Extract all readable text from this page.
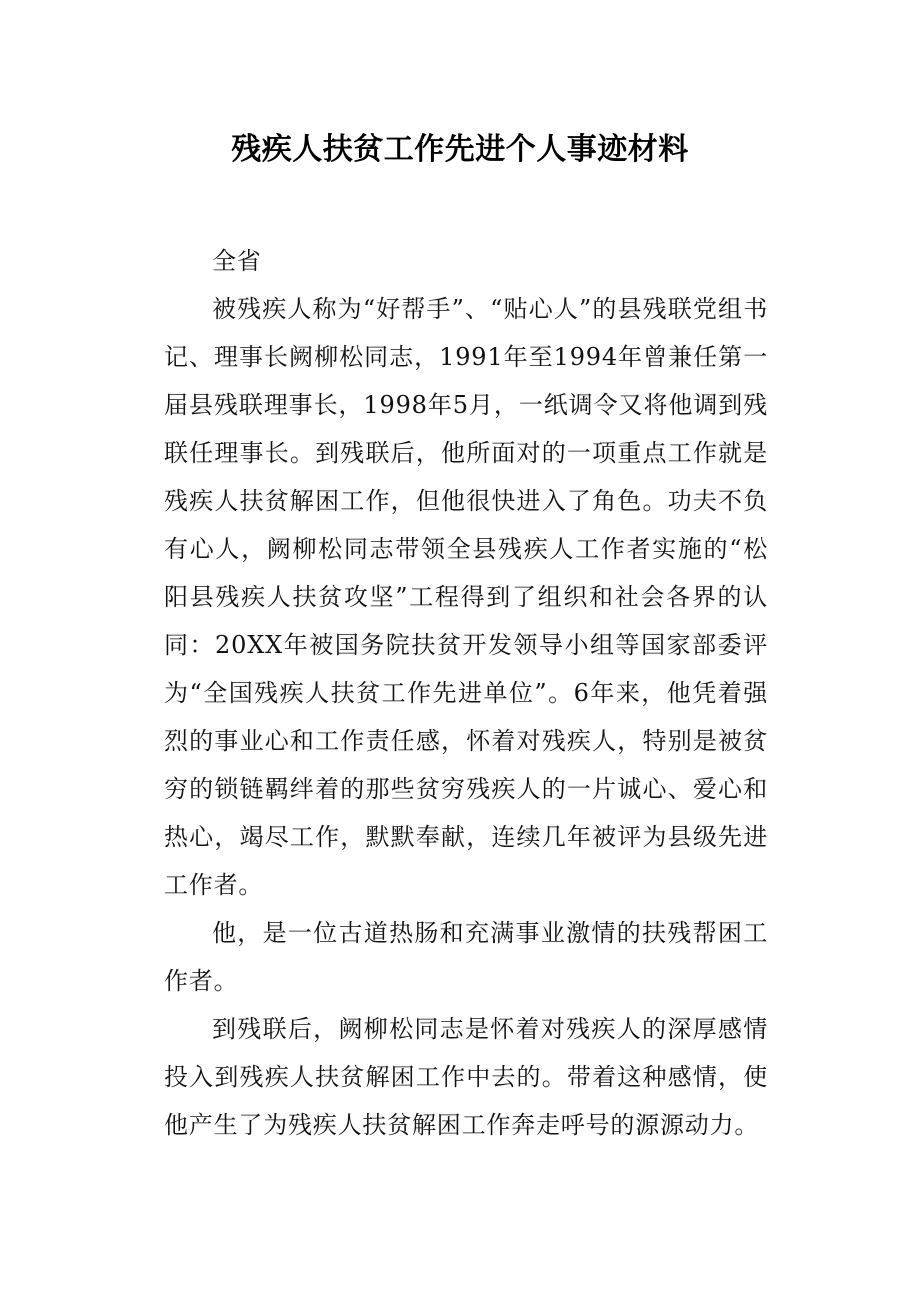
残疾人扶贫工作先进个人事迹材料

全省

被残疾人称为“好帮手”、“贴心人”的县残联党组书记、理事长阙柳松同志，1991年至1994年曾兼任第一届县残联理事长，1998年5月，一纸调令又将他调到残联任理事长。到残联后，他所面对的一项重点工作就是残疾人扶贫解困工作，但他很快进入了角色。功夫不负有心人，阙柳松同志带领全县残疾人工作者实施的“松阳县残疾人扶贫攻坚”工程得到了组织和社会各界的认同：20XX年被国务院扶贫开发领导小组等国家部委评为“全国残疾人扶贫工作先进单位”。6年来，他凭着强烈的事业心和工作责任感，怀着对残疾人，特别是被贫穷的锁链羁绊着的那些贫穷残疾人的一片诚心、爱心和热心，竭尽工作，默默奉献，连续几年被评为县级先进工作者。

他，是一位古道热肠和充满事业激情的扶残帮困工作者。

到残联后，阙柳松同志是怀着对残疾人的深厚感情投入到残疾人扶贫解困工作中去的。带着这种感情，使他产生了为残疾人扶贫解困工作奔走呼号的源源动力。
